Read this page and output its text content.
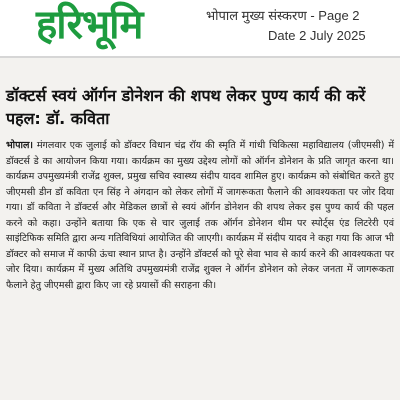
हरिभूमि	भोपाल मुख्य संस्करण - Page 2
Date 2 July 2025
डॉक्टर्स स्वयं ऑर्गन डोनेशन की शपथ लेकर पुण्य कार्य की करें पहल: डॉ. कविता

भोपाल। मंगलवार एक जुलाई को डॉक्टर विधान चंद्र रॉय की स्मृति में गांधी चिकित्सा महाविद्यालय (जीएमसी) में डॉक्टर्स डे का आयोजन किया गया। कार्यक्रम का मुख्य उद्देश्य लोगों को ऑर्गन डोनेशन के प्रति जागृत करना था। कार्यक्रम उपमुख्यमंत्री राजेंद्र शुक्ल, प्रमुख सचिव स्वास्थ्य संदीप यादव शामिल हुए। कार्यक्रम को संबोधित करते हुए जीएमसी डीन डॉ कविता एन सिंह ने अंगदान को लेकर लोगों में जागरूकता फैलाने की आवश्यकता पर जोर दिया गया। डॉ कविता ने डॉक्टर्स और मेडिकल छात्रों से स्वयं ऑर्गन डोनेशन की शपथ लेकर इस पुण्य कार्य की पहल करने को कहा। उन्होंने बताया कि एक से चार जुलाई तक ऑर्गन डोनेशन थीम पर स्पोर्ट्स एंड लिटरेरी एवं साइंटिफिक समिति द्वारा अन्य गतिविधियां आयोजित की जाएगी। कार्यक्रम में संदीप यादव ने कहा गया कि आज भी डॉक्टर को समाज में काफी ऊंचा स्थान प्राप्त है। उन्होंने डॉक्टर्स को पूरे सेवा भाव से कार्य करने की आवश्यकता पर जोर दिया। कार्यक्रम में मुख्य अतिथि उपमुख्यमंत्री राजेंद्र शुक्ल ने ऑर्गन डोनेशन को लेकर जनता में जागरूकता फैलाने हेतु जीएमसी द्वारा किए जा रहे प्रयासों की सराहना की।
